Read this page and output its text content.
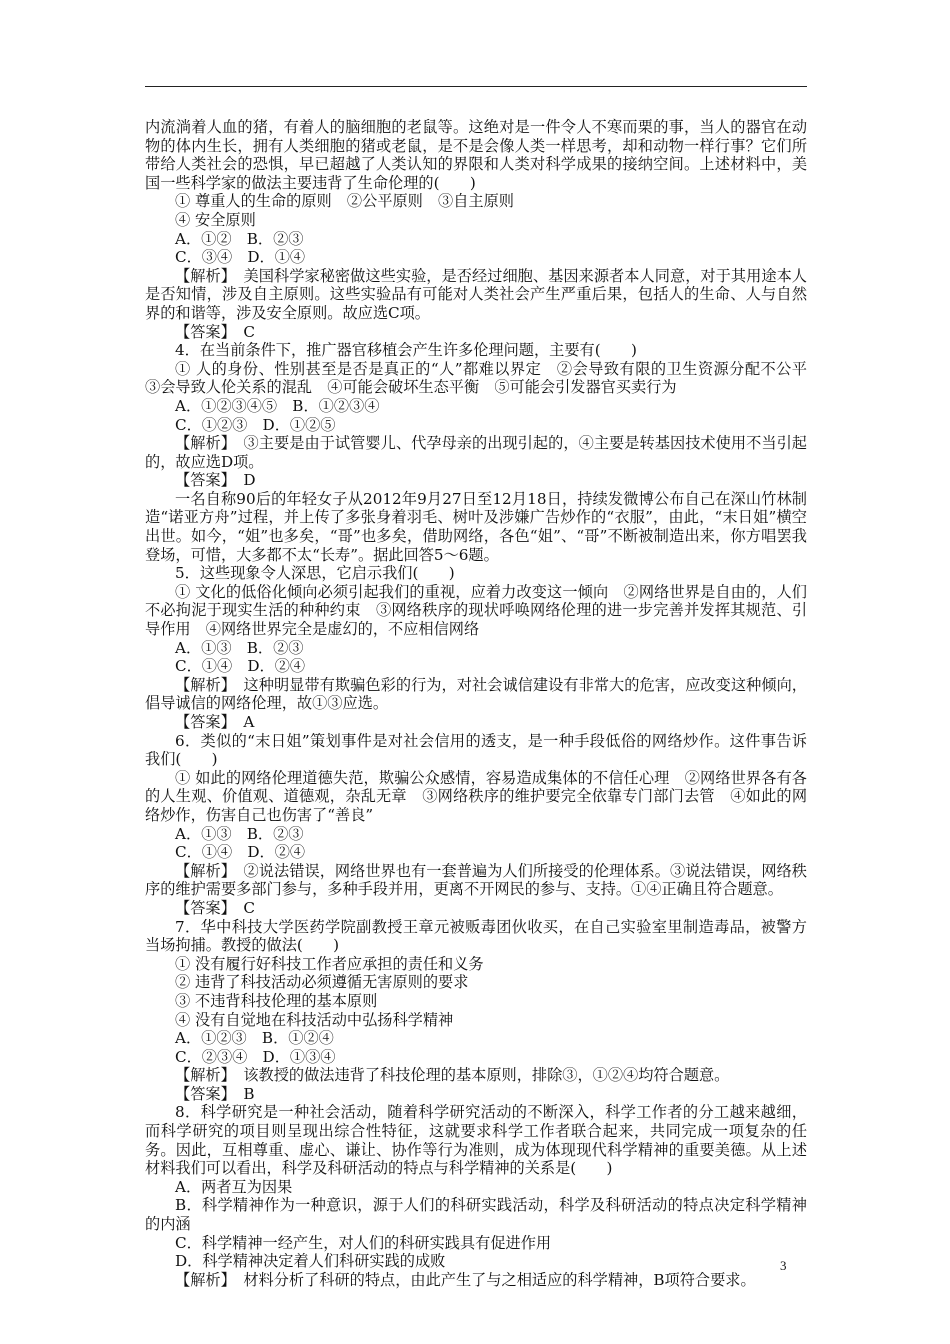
内流淌着人血的猪，有着人的脑细胞的老鼠等。这绝对是一件令人不寒而栗的事，当人的器官在动物的体内生长，拥有人类细胞的猪或老鼠，是不是会像人类一样思考，却和动物一样行事？它们所带给人类社会的恐惧，早已超越了人类认知的界限和人类对科学成果的接纳空间。上述材料中，美国一些科学家的做法主要违背了生命伦理的(　　)

① 尊重人的生命的原则　②公平原则　③自主原则

④ 安全原则

A．①②　B．②③

C．③④　D．①④

【解析】　美国科学家秘密做这些实验，是否经过细胞、基因来源者本人同意，对于其用途本人是否知情，涉及自主原则。这些实验品有可能对人类社会产生严重后果，包括人的生命、人与自然界的和谐等，涉及安全原则。故应选C项。

【答案】　C

4．在当前条件下，推广器官移植会产生许多伦理问题，主要有(　　)

① 人的身份、性别甚至是否是真正的“人”都难以界定　②会导致有限的卫生资源分配不公平　③会导致人伦关系的混乱　④可能会破坏生态平衡　⑤可能会引发器官买卖行为

A．①②③④⑤　B．①②③④

C．①②③　D．①②⑤

【解析】　③主要是由于试管婴儿、代孕母亲的出现引起的，④主要是转基因技术使用不当引起的，故应选D项。

【答案】　D

一名自称90后的年轻女子从2012年9月27日至12月18日，持续发微博公布自己在深山竹林制造“诺亚方舟”过程，并上传了多张身着羽毛、树叶及涉嫌广告炒作的“衣服”，由此，“末日姐”横空出世。如今，“姐”也多矣，“哥”也多矣，借助网络，各色“姐”、“哥”不断被制造出来，你方唱罢我登场，可惜，大多都不太“长寿”。据此回答5～6题。

5．这些现象令人深思，它启示我们(　　)

① 文化的低俗化倾向必须引起我们的重视，应着力改变这一倾向　②网络世界是自由的，人们不必拘泥于现实生活的种种约束　③网络秩序的现状呼唤网络伦理的进一步完善并发挥其规范、引导作用　④网络世界完全是虚幻的，不应相信网络

A．①③　B．②③

C．①④　D．②④

【解析】　这种明显带有欺骗色彩的行为，对社会诚信建设有非常大的危害，应改变这种倾向，倡导诚信的网络伦理，故①③应选。

【答案】　A

6．类似的“末日姐”策划事件是对社会信用的透支，是一种手段低俗的网络炒作。这件事告诉我们(　　)

① 如此的网络伦理道德失范，欺骗公众感情，容易造成集体的不信任心理　②网络世界各有各的人生观、价值观、道德观，杂乱无章　③网络秩序的维护要完全依靠专门部门去管　④如此的网络炒作，伤害自己也伤害了“善良”

A．①③　B．②③

C．①④　D．②④

【解析】　②说法错误，网络世界也有一套普遍为人们所接受的伦理体系。③说法错误，网络秩序的维护需要多部门参与，多种手段并用，更离不开网民的参与、支持。①④正确且符合题意。

【答案】　C

7．华中科技大学医药学院副教授王章元被贩毒团伙收买，在自己实验室里制造毒品，被警方当场拘捕。教授的做法(　　)

① 没有履行好科技工作者应承担的责任和义务

② 违背了科技活动必须遵循无害原则的要求

③ 不违背科技伦理的基本原则

④ 没有自觉地在科技活动中弘扬科学精神

A．①②③　B．①②④

C．②③④　D．①③④

【解析】　该教授的做法违背了科技伦理的基本原则，排除③，①②④均符合题意。

【答案】　B

8．科学研究是一种社会活动，随着科学研究活动的不断深入，科学工作者的分工越来越细，而科学研究的项目则呈现出综合性特征，这就要求科学工作者联合起来，共同完成一项复杂的任务。因此，互相尊重、虚心、谦让、协作等行为准则，成为体现现代科学精神的重要美德。从上述材料我们可以看出，科学及科研活动的特点与科学精神的关系是(　　)

A．两者互为因果

B．科学精神作为一种意识，源于人们的科研实践活动，科学及科研活动的特点决定科学精神的内涵

C．科学精神一经产生，对人们的科研实践具有促进作用

D．科学精神决定着人们科研实践的成败

【解析】　材料分析了科研的特点，由此产生了与之相适应的科学精神，B项符合要求。

3
